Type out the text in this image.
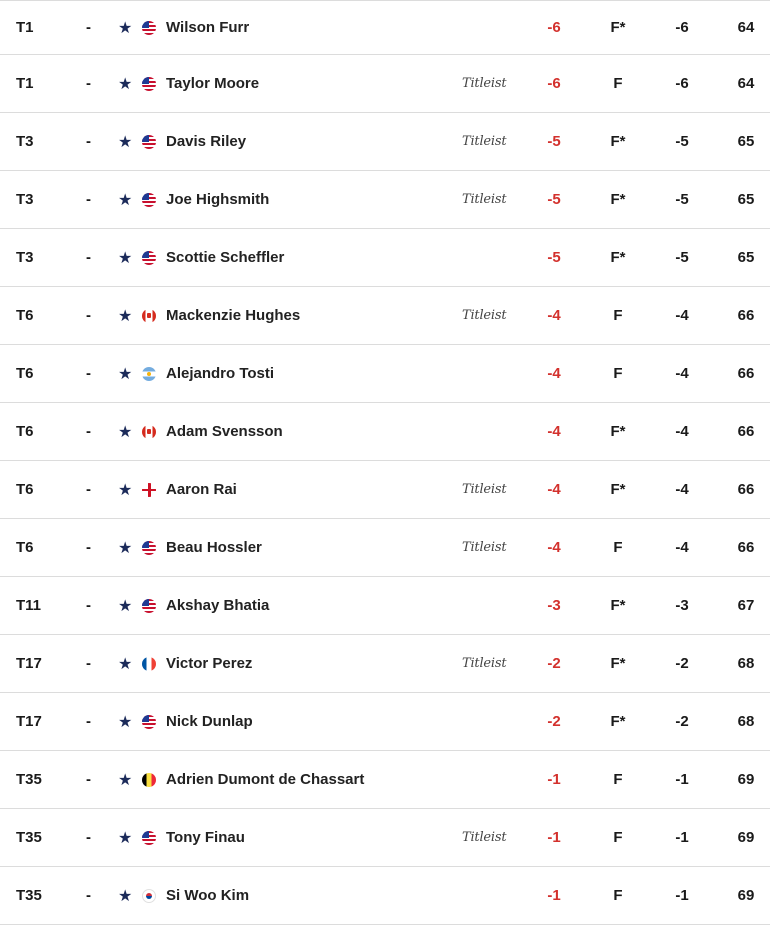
T1	- ★ Wilson Furr	-6	F*	-6	64
T1	- ★ Taylor Moore	Titleist	-6	F	-6	64
T3	- ★ Davis Riley	Titleist	-5	F*	-5	65
T3	- ★ Joe Highsmith	Titleist	-5	F*	-5	65
T3	- ★ Scottie Scheffler	-5	F*	-5	65
T6	- ★ Mackenzie Hughes	Titleist	-4	F	-4	66
T6	- ★ Alejandro Tosti	-4	F	-4	66
T6	- ★ Adam Svensson	-4	F*	-4	66
T6	- ★ Aaron Rai	Titleist	-4	F*	-4	66
T6	- ★ Beau Hossler	Titleist	-4	F	-4	66
T11	- ★ Akshay Bhatia	-3	F*	-3	67
T17	- ★ Victor Perez	Titleist	-2	F*	-2	68
T17	- ★ Nick Dunlap	-2	F*	-2	68
T35	- ★ Adrien Dumont de Chassart	-1	F	-1	69
T35	- ★ Tony Finau	Titleist	-1	F	-1	69
T35	- ★ Si Woo Kim	-1	F	-1	69
